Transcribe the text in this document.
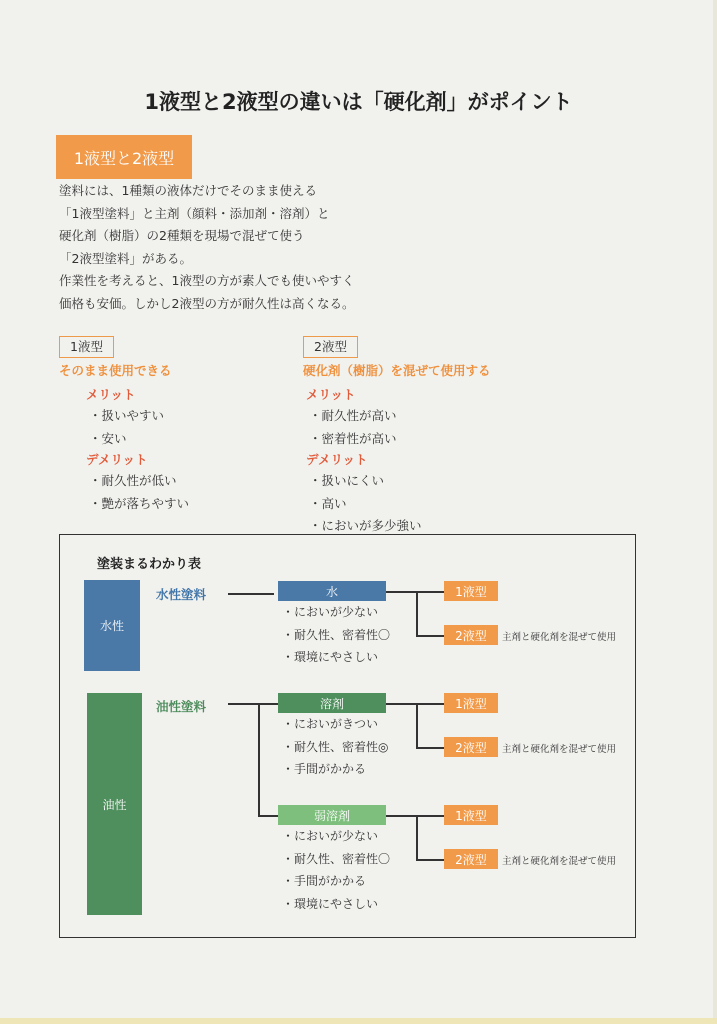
1液型と2液型の違いは「硬化剤」がポイント
1液型と2液型
塗料には、1種類の液体だけでそのまま使える
「1液型塗料」と主剤（顔料・添加剤・溶剤）と
硬化剤（樹脂）の2種類を現場で混ぜて使う
「2液型塗料」がある。
作業性を考えると、1液型の方が素人でも使いやすく
価格も安価。しかし2液型の方が耐久性は高くなる。
1液型
そのまま使用できる
メリット
・扱いやすい
・安い
デメリット
・耐久性が低い
・艶が落ちやすい
2液型
硬化剤（樹脂）を混ぜて使用する
メリット
・耐久性が高い
・密着性が高い
デメリット
・扱いにくい
・高い
・においが多少強い
塗装まるわかり表
水性
油性
水性塗料
油性塗料
水	1液型
2液型	主剤と硬化剤を混ぜて使用
・においが少ない
・耐久性、密着性〇
・環境にやさしい
溶剤	1液型
2液型	主剤と硬化剤を混ぜて使用
・においがきつい
・耐久性、密着性◎
・手間がかかる
弱溶剤	1液型
2液型	主剤と硬化剤を混ぜて使用
・においが少ない
・耐久性、密着性〇
・手間がかかる
・環境にやさしい
